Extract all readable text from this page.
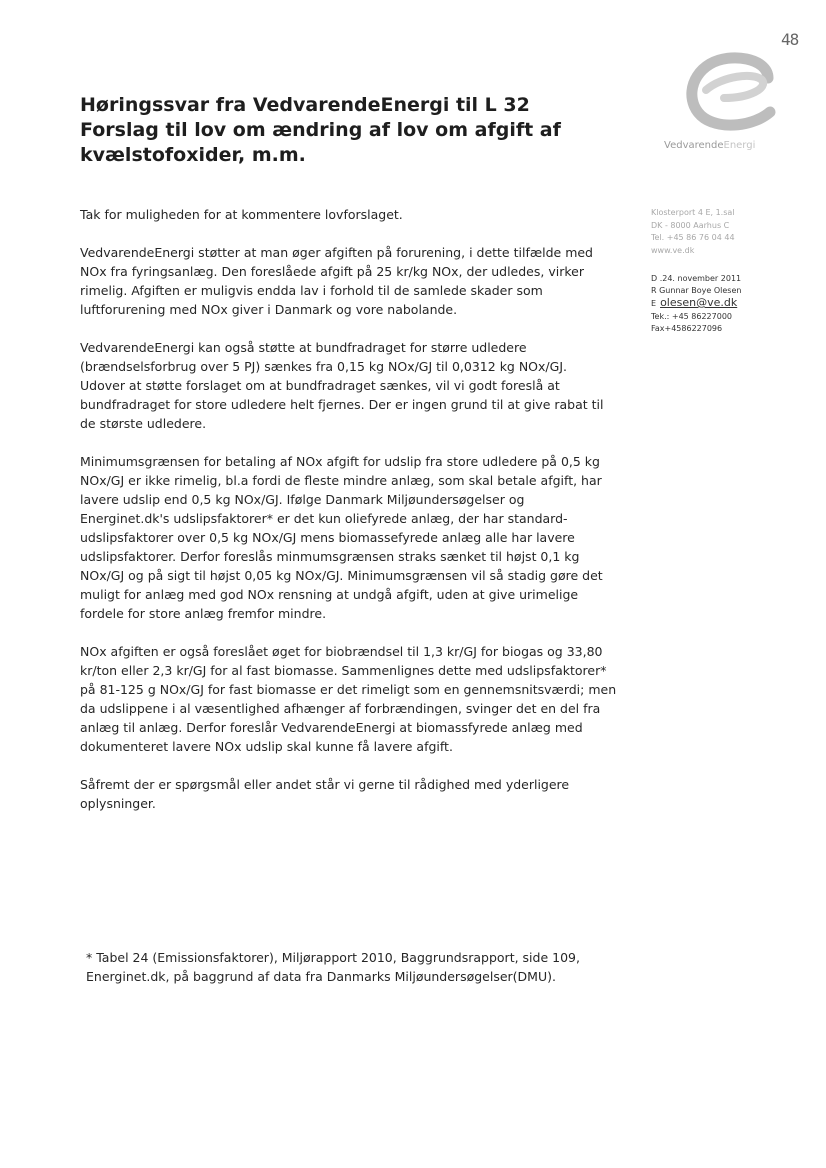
48
VedvarendeEnergi
Høringssvar fra VedvarendeEnergi til L 32
Forslag til lov om ændring af lov om afgift af
kvælstofoxider, m.m.
Klosterport 4 E, 1.sal
DK - 8000 Aarhus C
Tel. +45 86 76 04 44
www.ve.dk
D .24. november 2011
R Gunnar Boye Olesen
E olesen@ve.dk
Tek.: +45 86227000
Fax+4586227096

Tak for muligheden for at kommentere lovforslaget.

VedvarendeEnergi støtter at man øger afgiften på forurening, i dette tilfælde med
NOx fra fyringsanlæg. Den foreslåede afgift på 25 kr/kg NOx, der udledes, virker
rimelig. Afgiften er muligvis endda lav i forhold til de samlede skader som
luftforurening med NOx giver i Danmark og vore nabolande.

VedvarendeEnergi kan også støtte at bundfradraget for større udledere
(brændselsforbrug over 5 PJ) sænkes fra 0,15 kg NOx/GJ til 0,0312 kg NOx/GJ.
Udover at støtte forslaget om at bundfradraget sænkes, vil vi godt foreslå at
bundfradraget for store udledere helt fjernes. Der er ingen grund til at give rabat til
de største udledere.

Minimumsgrænsen for betaling af NOx afgift for udslip fra store udledere på 0,5 kg
NOx/GJ er ikke rimelig, bl.a fordi de fleste mindre anlæg, som skal betale afgift, har
lavere udslip end 0,5 kg NOx/GJ. Ifølge Danmark Miljøundersøgelser og
Energinet.dk's udslipsfaktorer* er det kun oliefyrede anlæg, der har standard-
udslipsfaktorer over 0,5 kg NOx/GJ mens biomassefyrede anlæg alle har lavere
udslipsfaktorer. Derfor foreslås minmumsgrænsen straks sænket til højst 0,1 kg
NOx/GJ og på sigt til højst 0,05 kg NOx/GJ. Minimumsgrænsen vil så stadig gøre det
muligt for anlæg med god NOx rensning at undgå afgift, uden at give urimelige
fordele for store anlæg fremfor mindre.

NOx afgiften er også foreslået øget for biobrændsel til 1,3 kr/GJ for biogas og 33,80
kr/ton eller 2,3 kr/GJ for al fast biomasse. Sammenlignes dette med udslipsfaktorer*
på 81-125 g NOx/GJ for fast biomasse er det rimeligt som en gennemsnitsværdi; men
da udslippene i al væsentlighed afhænger af forbrændingen, svinger det en del fra
anlæg til anlæg. Derfor foreslår VedvarendeEnergi at biomassfyrede anlæg med
dokumenteret lavere NOx udslip skal kunne få lavere afgift.

Såfremt der er spørgsmål eller andet står vi gerne til rådighed med yderligere
oplysninger.

* Tabel 24 (Emissionsfaktorer), Miljørapport 2010, Baggrundsrapport, side 109,
Energinet.dk, på baggrund af data fra Danmarks Miljøundersøgelser(DMU).
